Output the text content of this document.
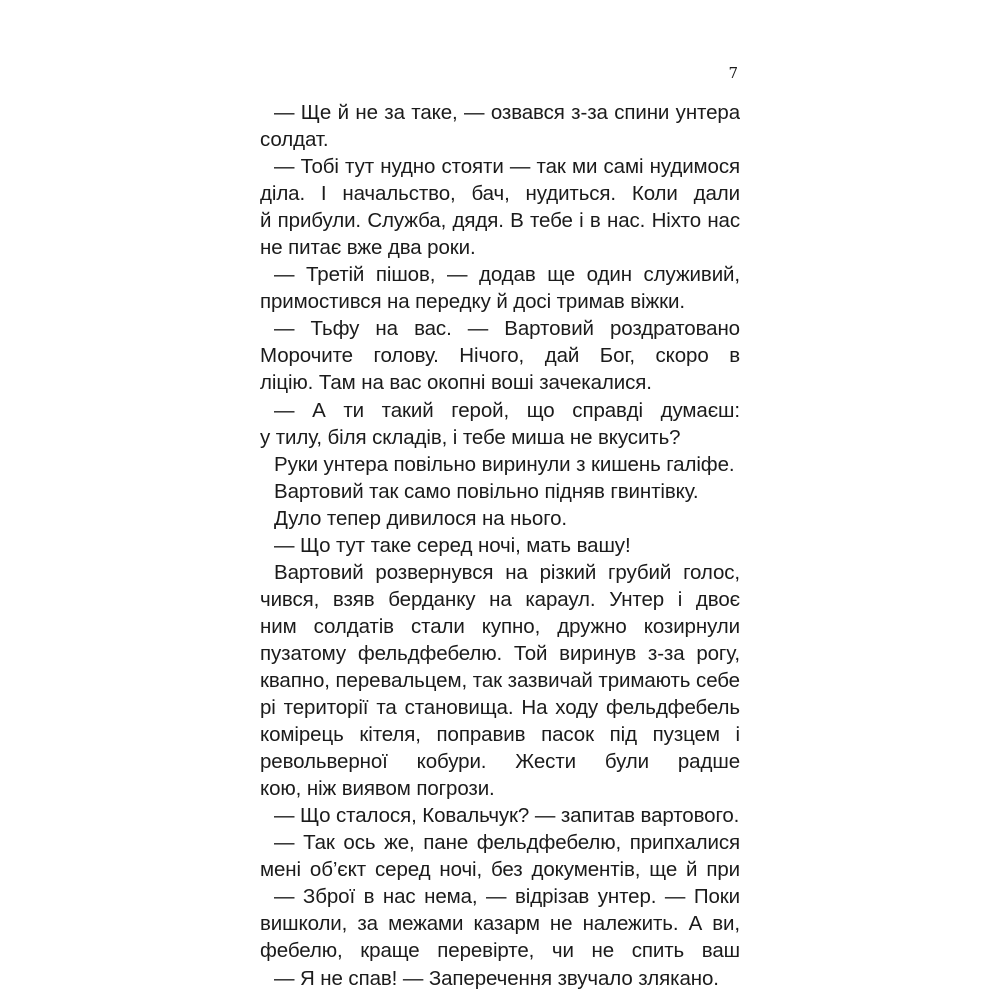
7
— Ще й не за таке, — озвався з-за спини унтера
солдат.
— Тобі тут нудно стояти — так ми самі нудимося
діла. І начальство, бач, нудиться. Коли дали
й прибули. Служба, дядя. В тебе і в нас. Ніхто нас
не питає вже два роки.
— Третій пішов, — додав ще один служивий,
примостився на передку й досі тримав віжки.
— Тьфу на вас. — Вартовий роздратовано
Морочите голову. Нічого, дай Бог, скоро в
ліцію. Там на вас окопні воші зачекалися.
— А ти такий герой, що справді думаєш:
у тилу, біля складів, і тебе миша не вкусить?
Руки унтера повільно виринули з кишень галіфе.
Вартовий так само повільно підняв гвинтівку.
Дуло тепер дивилося на нього.
— Що тут таке серед ночі, мать вашу!
Вартовий розвернувся на різкий грубий голос,
чився, взяв берданку на караул. Унтер і двоє
ним солдатів стали купно, дружно козирнули
пузатому фельдфебелю. Той виринув з-за рогу,
квапно, перевальцем, так зазвичай тримають себе
рі території та становища. На ходу фельдфебель
комірець кітеля, поправив пасок під пузцем і
револьверної кобури. Жести були радше
кою, ніж виявом погрози.
— Що сталося, Ковальчук? — запитав вартового.
— Так ось же, пане фельдфебелю, припхалися
мені об’єкт серед ночі, без документів, ще й при
— Зброї в нас нема, — відрізав унтер. — Поки
вишколи, за межами казарм не належить. А ви,
фебелю, краще перевірте, чи не спить ваш
— Я не спав! — Заперечення звучало злякано.
